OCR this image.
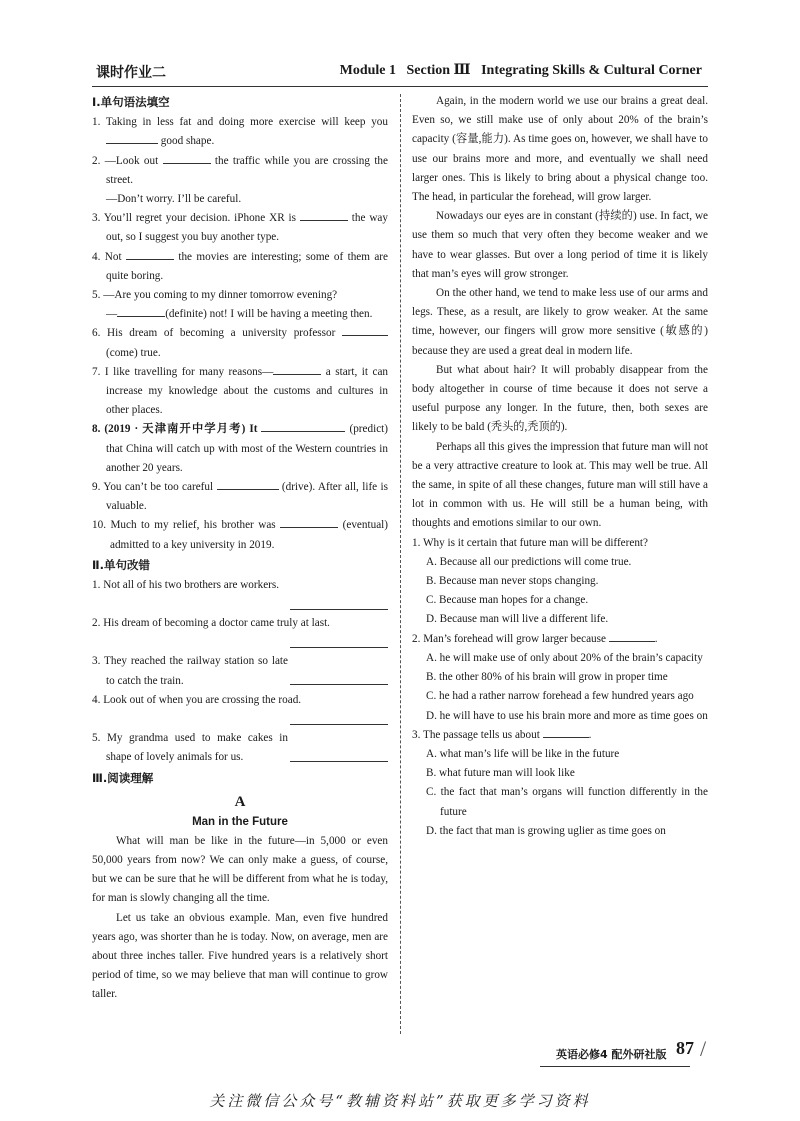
课时作业二	Module 1   Section Ⅲ   Integrating Skills & Cultural Corner
Ⅰ.单句语法填空
1. Taking in less fat and doing more exercise will keep you  good shape.
2. —Look out	the traffic while you are crossing the street.
—Don’t worry. I’ll be careful.
3. You’ll regret your decision. iPhone XR is	the way out, so I suggest you buy another type.
4. Not	the movies are interesting; some of them are quite boring.
5. —Are you coming to my dinner tomorrow evening?
—	(definite) not! I will be having a meeting then.
6. His dream of becoming a university professor  (come) true.
7. I like travelling for many reasons—	a start, it can increase my knowledge about the customs and cultures in other places.
8. (2019 · 天津南开中学月考) It	(predict) that China will catch up with most of the Western countries in another 20 years.
9. You can’t be too careful	(drive). After all, life is valuable.
10. Much to my relief, his brother was	(eventual) admitted to a key university in 2019.
Ⅱ.单句改错
1. Not all of his two brothers are workers.
2. His dream of becoming a doctor came truly at last.
3. They reached the railway station so late to catch the train.
4. Look out of when you are crossing the road.
5. My grandma used to make cakes in shape of lovely animals for us.
Ⅲ.阅读理解
A
Man in the Future
What will man be like in the future—in 5,000 or even 50,000 years from now? We can only make a guess, of course, but we can be sure that he will be different from what he is today, for man is slowly changing all the time.
Let us take an obvious example. Man, even five hundred years ago, was shorter than he is today. Now, on average, men are about three inches taller. Five hundred years is a relatively short period of time, so we may believe that man will continue to grow taller.
Again, in the modern world we use our brains a great deal. Even so, we still make use of only about 20% of the brain’s capacity (容量,能力). As time goes on, however, we shall have to use our brains more and more, and eventually we shall need larger ones. This is likely to bring about a physical change too. The head, in particular the forehead, will grow larger.
Nowadays our eyes are in constant (持续的) use. In fact, we use them so much that very often they become weaker and we have to wear glasses. But over a long period of time it is likely that man’s eyes will grow stronger.
On the other hand, we tend to make less use of our arms and legs. These, as a result, are likely to grow weaker. At the same time, however, our fingers will grow more sensitive (敏感的) because they are used a great deal in modern life.
But what about hair? It will probably disappear from the body altogether in course of time because it does not serve a useful purpose any longer. In the future, then, both sexes are likely to be bald (秃头的,秃顶的).
Perhaps all this gives the impression that future man will not be a very attractive creature to look at. This may well be true. All the same, in spite of all these changes, future man will still have a lot in common with us. He will still be a human being, with thoughts and emotions similar to our own.
1. Why is it certain that future man will be different?
A. Because all our predictions will come true.
B. Because man never stops changing.
C. Because man hopes for a change.
D. Because man will live a different life.
2. Man’s forehead will grow larger because	.
A. he will make use of only about 20% of the brain’s capacity
B. the other 80% of his brain will grow in proper time
C. he had a rather narrow forehead a few hundred years ago
D. he will have to use his brain more and more as time goes on
3. The passage tells us about	.
A. what man’s life will be like in the future
B. what future man will look like
C. the fact that man’s organs will function differently in the future
D. the fact that man is growing uglier as time goes on
英语必修4 配外研社版 87 /
关注微信公众号“教辅资料站”获取更多学习资料
